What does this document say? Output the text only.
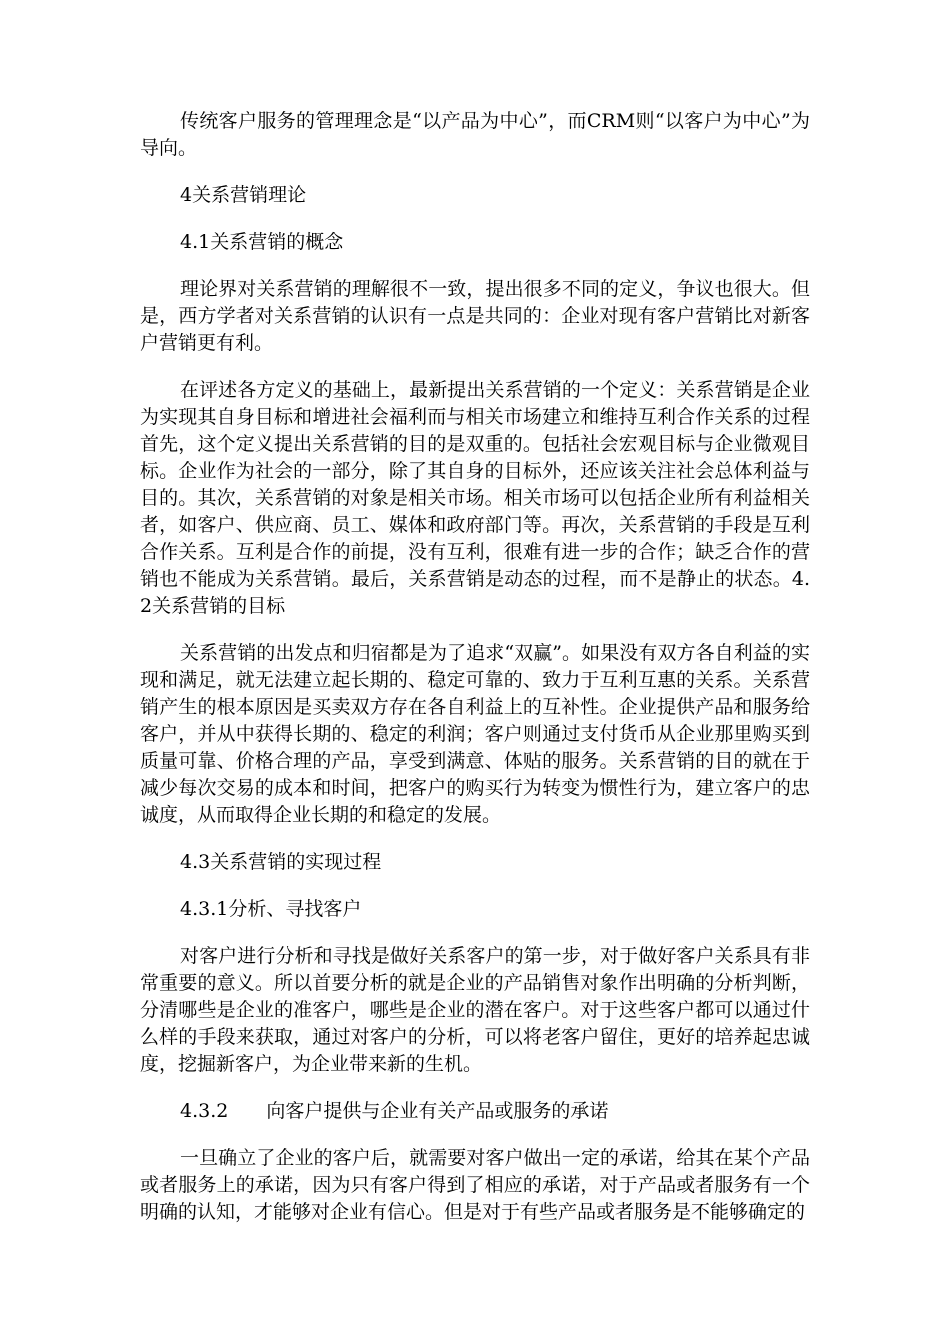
传统客户服务的管理理念是“以产品为中心”，而CRM则“以客户为中心”为导向。

4关系营销理论

4.1关系营销的概念

理论界对关系营销的理解很不一致，提出很多不同的定义，争议也很大。但是，西方学者对关系营销的认识有一点是共同的：企业对现有客户营销比对新客户营销更有利。

在评述各方定义的基础上，最新提出关系营销的一个定义：关系营销是企业为实现其自身目标和增进社会福利而与相关市场建立和维持互利合作关系的过程首先，这个定义提出关系营销的目的是双重的。包括社会宏观目标与企业微观目标。企业作为社会的一部分，除了其自身的目标外，还应该关注社会总体利益与目的。其次，关系营销的对象是相关市场。相关市场可以包括企业所有利益相关者，如客户、供应商、员工、媒体和政府部门等。再次，关系营销的手段是互利合作关系。互利是合作的前提，没有互利，很难有进一步的合作；缺乏合作的营销也不能成为关系营销。最后，关系营销是动态的过程，而不是静止的状态。4.2关系营销的目标

关系营销的出发点和归宿都是为了追求“双赢”。如果没有双方各自利益的实现和满足，就无法建立起长期的、稳定可靠的、致力于互利互惠的关系。关系营销产生的根本原因是买卖双方存在各自利益上的互补性。企业提供产品和服务给客户，并从中获得长期的、稳定的利润；客户则通过支付货币从企业那里购买到质量可靠、价格合理的产品，享受到满意、体贴的服务。关系营销的目的就在于减少每次交易的成本和时间，把客户的购买行为转变为惯性行为，建立客户的忠诚度，从而取得企业长期的和稳定的发展。

4.3关系营销的实现过程

4.3.1分析、寻找客户

对客户进行分析和寻找是做好关系客户的第一步，对于做好客户关系具有非常重要的意义。所以首要分析的就是企业的产品销售对象作出明确的分析判断，分清哪些是企业的准客户，哪些是企业的潜在客户。对于这些客户都可以通过什么样的手段来获取，通过对客户的分析，可以将老客户留住，更好的培养起忠诚度，挖掘新客户，为企业带来新的生机。

4.3.2　　向客户提供与企业有关产品或服务的承诺

一旦确立了企业的客户后，就需要对客户做出一定的承诺，给其在某个产品或者服务上的承诺，因为只有客户得到了相应的承诺，对于产品或者服务有一个明确的认知，才能够对企业有信心。但是对于有些产品或者服务是不能够确定的
